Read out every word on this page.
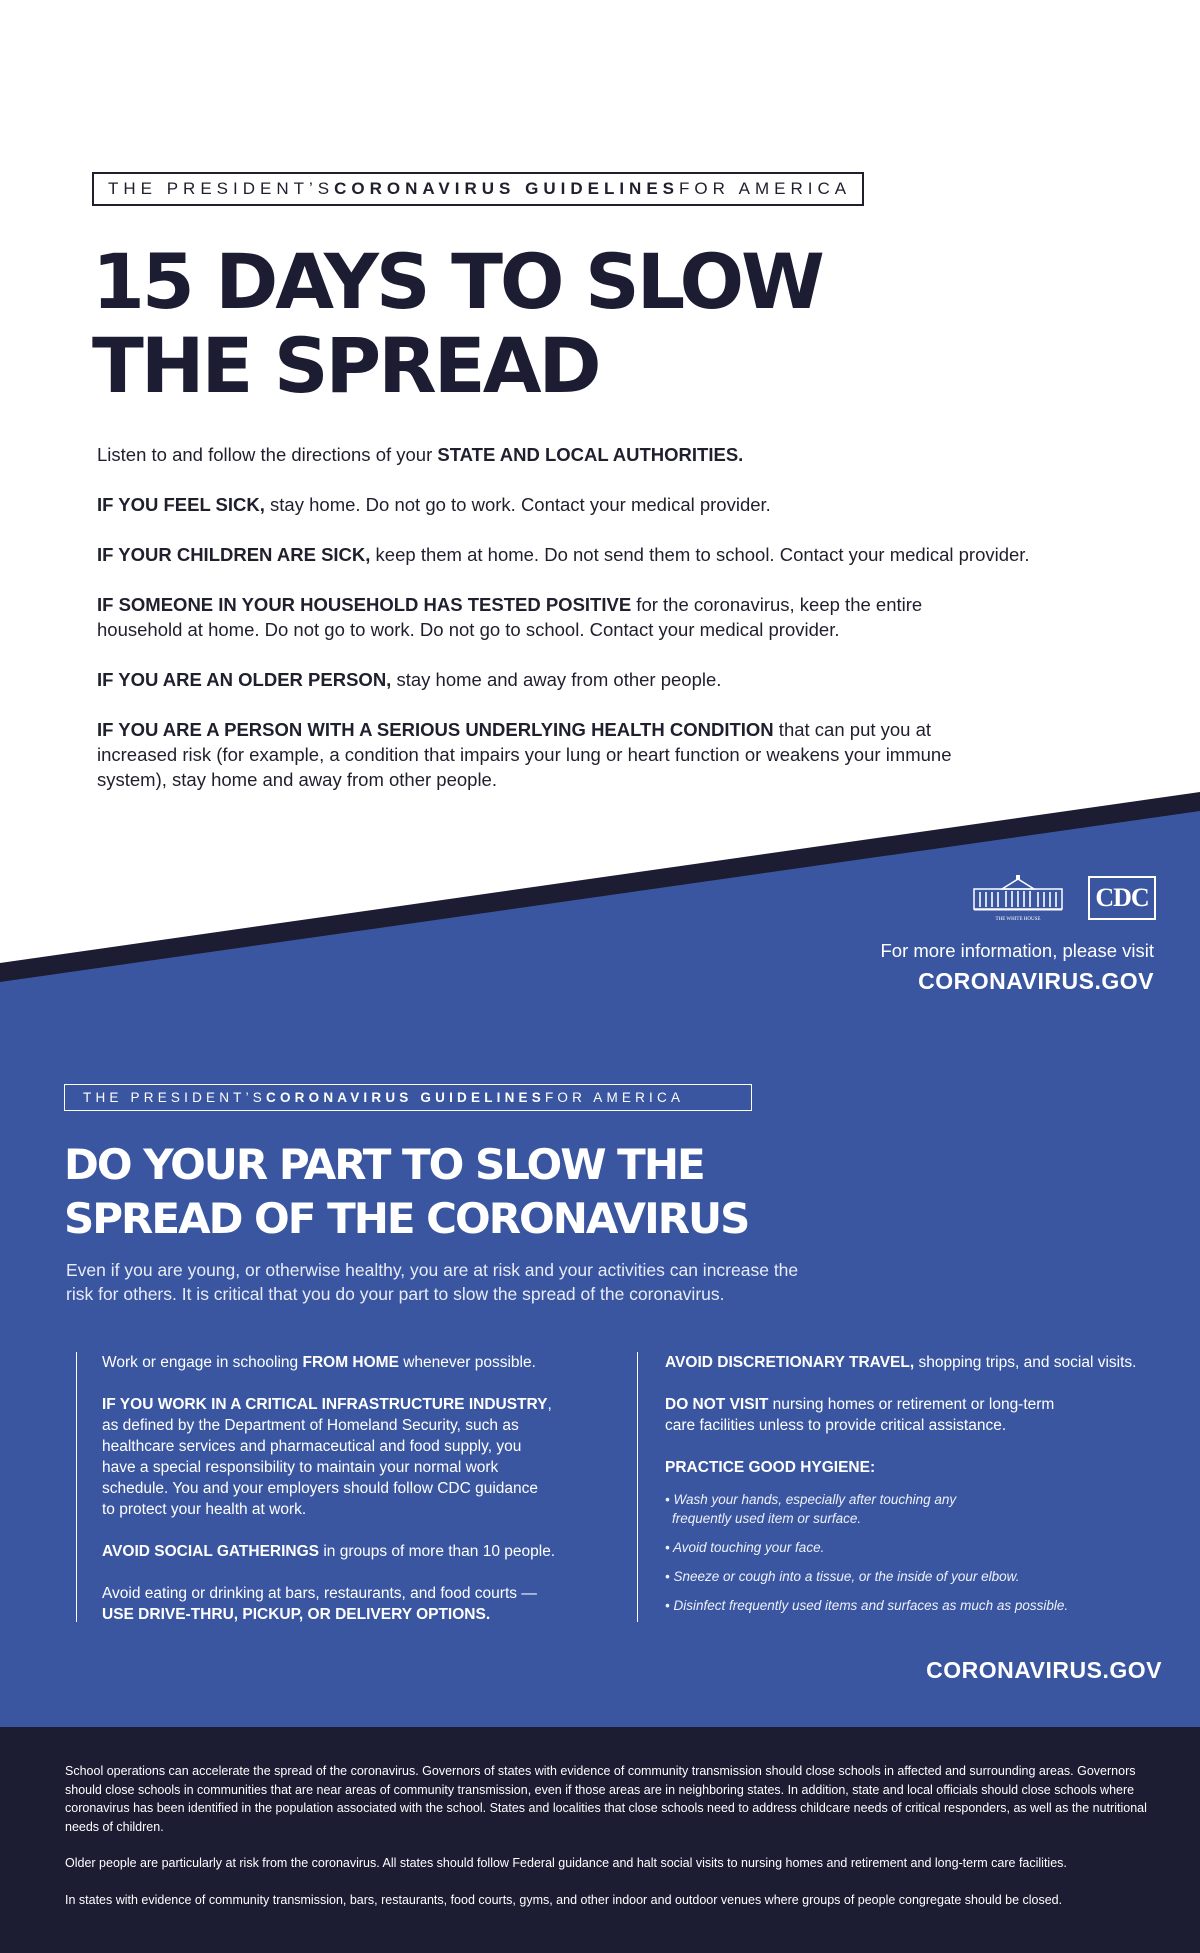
THE PRESIDENT’S CORONAVIRUS GUIDELINES FOR AMERICA
15 DAYS TO SLOW
THE SPREAD

Listen to and follow the directions of your STATE AND LOCAL AUTHORITIES.

IF YOU FEEL SICK, stay home. Do not go to work. Contact your medical provider.

IF YOUR CHILDREN ARE SICK, keep them at home. Do not send them to school. Contact your medical provider.

IF SOMEONE IN YOUR HOUSEHOLD HAS TESTED POSITIVE for the coronavirus, keep the entire household at home. Do not go to work. Do not go to school. Contact your medical provider.

IF YOU ARE AN OLDER PERSON, stay home and away from other people.

IF YOU ARE A PERSON WITH A SERIOUS UNDERLYING HEALTH CONDITION that can put you at increased risk (for example, a condition that impairs your lung or heart function or weakens your immune system), stay home and away from other people.

THE WHITE HOUSE
CDC
For more information, please visit
CORONAVIRUS.GOV
THE PRESIDENT’S CORONAVIRUS GUIDELINES FOR AMERICA
DO YOUR PART TO SLOW THE
SPREAD OF THE CORONAVIRUS
Even if you are young, or otherwise healthy, you are at risk and your activities can increase the risk for others. It is critical that you do your part to slow the spread of the coronavirus.

Work or engage in schooling FROM HOME whenever possible.

IF YOU WORK IN A CRITICAL INFRASTRUCTURE INDUSTRY, as defined by the Department of Homeland Security, such as healthcare services and pharmaceutical and food supply, you have a special responsibility to maintain your normal work schedule. You and your employers should follow CDC guidance to protect your health at work.

AVOID SOCIAL GATHERINGS in groups of more than 10 people.

Avoid eating or drinking at bars, restaurants, and food courts — USE DRIVE-THRU, PICKUP, OR DELIVERY OPTIONS.

AVOID DISCRETIONARY TRAVEL, shopping trips, and social visits.

DO NOT VISIT nursing homes or retirement or long-term care facilities unless to provide critical assistance.

PRACTICE GOOD HYGIENE:
• Wash your hands, especially after touching any
frequently used item or surface.
• Avoid touching your face.
• Sneeze or cough into a tissue, or the inside of your elbow.
• Disinfect frequently used items and surfaces as much as possible.
CORONAVIRUS.GOV

School operations can accelerate the spread of the coronavirus. Governors of states with evidence of community transmission should close schools in affected and surrounding areas. Governors should close schools in communities that are near areas of community transmission, even if those areas are in neighboring states. In addition, state and local officials should close schools where coronavirus has been identified in the population associated with the school. States and localities that close schools need to address childcare needs of critical responders, as well as the nutritional needs of children.

Older people are particularly at risk from the coronavirus. All states should follow Federal guidance and halt social visits to nursing homes and retirement and long-term care facilities.

In states with evidence of community transmission, bars, restaurants, food courts, gyms, and other indoor and outdoor venues where groups of people congregate should be closed.
